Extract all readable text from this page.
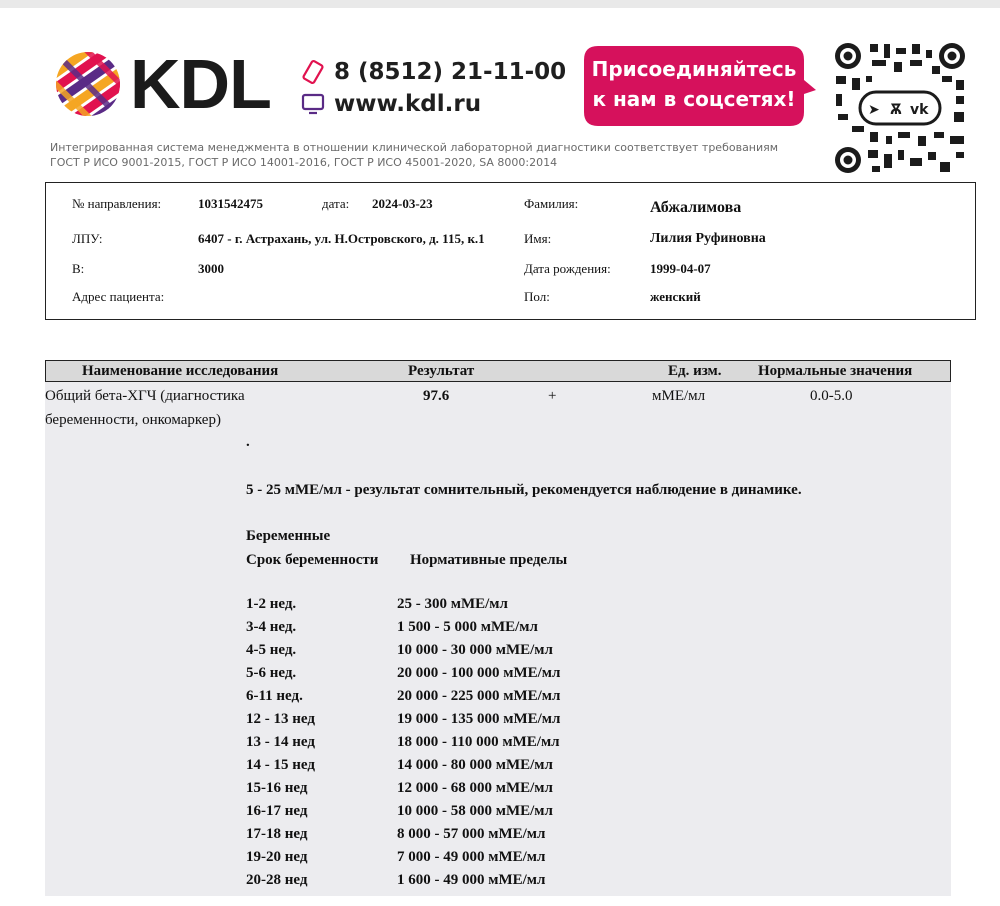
KDL	8 (8512) 21-11-00
www.kdl.ru
Присоединяйтесь
к нам в соцсетях!	➤ Ѫ vk
Интегрированная система менеджмента в отношении клинической лабораторной диагностики соответствует требованиям
ГОСТ Р ИСО 9001-2015, ГОСТ Р ИСО 14001-2016, ГОСТ Р ИСО 45001-2020, SA 8000:2014
№ направления:	1031542475	дата: 2024-03-23	Фамилия:	Абжалимова
ЛПУ:	6407 - г. Астрахань, ул. Н.Островского, д. 115, к.1	Имя:	Лилия Руфиновна
В:	3000	Дата рождения:	1999-04-07
Адрес пациента:	Пол:	женский
Наименование исследования	Результат	Ед. изм. Нормальные значения
Общий бета-ХГЧ (диагностика
беременности, онкомаркер)
97.6	+	мМЕ/мл	0.0-5.0
.
5 - 25 мМЕ/мл - результат сомнительный, рекомендуется наблюдение в динамике.
Беременные
Срок беременности Нормативные пределы
1-2 нед.	25 - 300 мМЕ/мл
3-4 нед.	1 500 - 5 000 мМЕ/мл
4-5 нед.	10 000 - 30 000 мМЕ/мл
5-6 нед.	20 000 - 100 000 мМЕ/мл
6-11 нед.	20 000 - 225 000 мМЕ/мл
12 - 13 нед	19 000 - 135 000 мМЕ/мл
13 - 14 нед	18 000 - 110 000 мМЕ/мл
14 - 15 нед	14 000 - 80 000 мМЕ/мл
15-16 нед	12 000 - 68 000 мМЕ/мл
16-17 нед	10 000 - 58 000 мМЕ/мл
17-18 нед	8 000 - 57 000 мМЕ/мл
19-20 нед	7 000 - 49 000 мМЕ/мл
20-28 нед	1 600 - 49 000 мМЕ/мл
